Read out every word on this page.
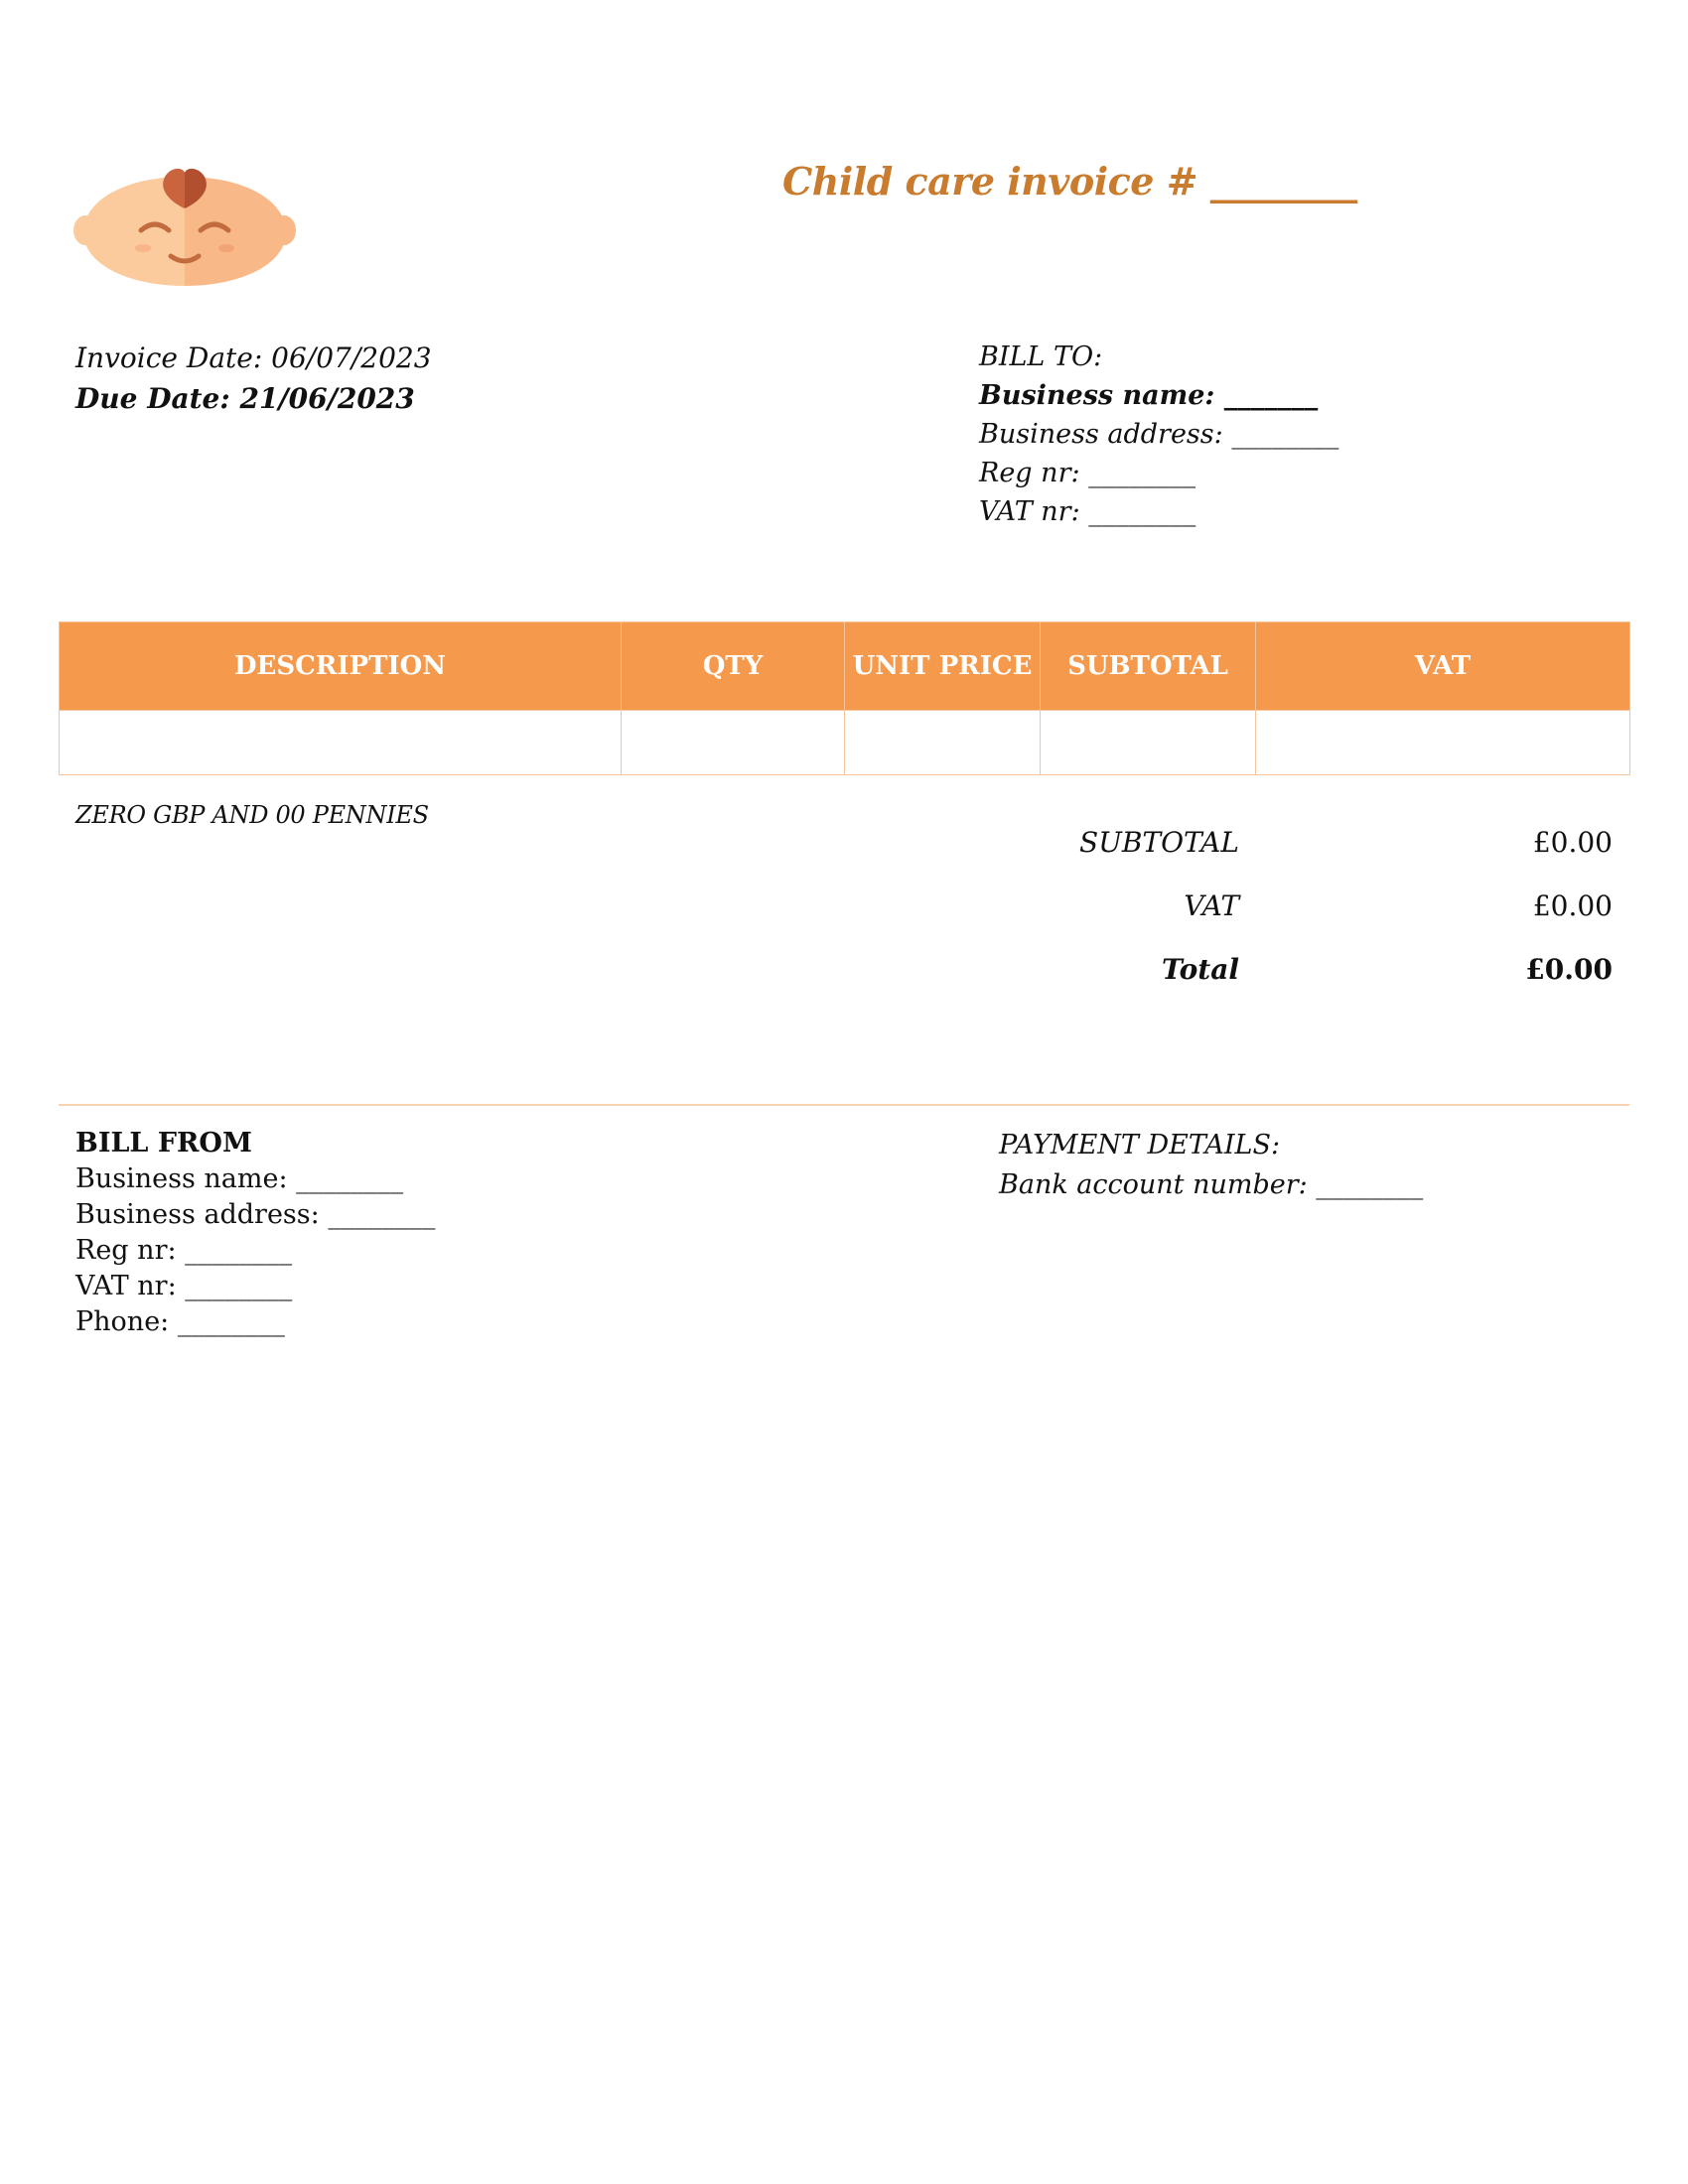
Child care invoice # ________
Invoice Date: 06/07/2023
Due Date: 21/06/2023
BILL TO:
Business name: _______
Business address: ________
Reg nr: ________
VAT nr: ________
DESCRIPTION	QTY	UNIT PRICE	SUBTOTAL	VAT

ZERO GBP AND 00 PENNIES
SUBTOTAL	£0.00
VAT	£0.00
Total	£0.00
BILL FROM
Business name: ________
Business address: ________
Reg nr: ________
VAT nr: ________
Phone: ________
PAYMENT DETAILS:
Bank account number: ________
